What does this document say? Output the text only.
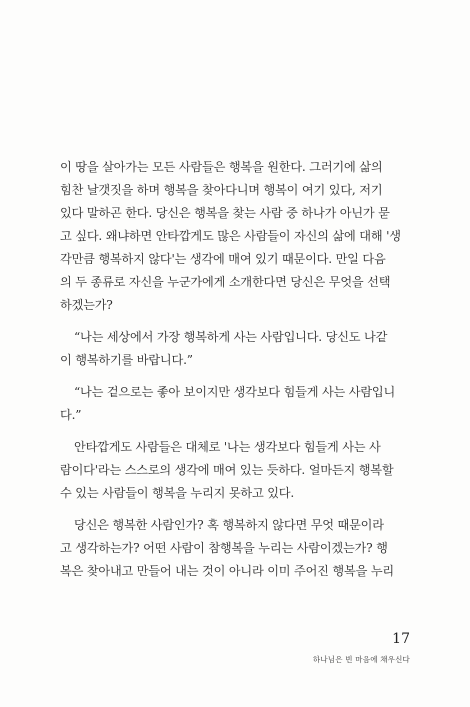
이 땅을 살아가는 모든 사람들은 행복을 원한다. 그러기에 삶의
힘찬 날갯짓을 하며 행복을 찾아다니며 행복이 여기 있다, 저기
있다 말하곤 한다. 당신은 행복을 찾는 사람 중 하나가 아닌가 묻
고 싶다. 왜냐하면 안타깝게도 많은 사람들이 자신의 삶에 대해 '생
각만큼 행복하지 않다'는 생각에 매여 있기 때문이다. 만일 다음
의 두 종류로 자신을 누군가에게 소개한다면 당신은 무엇을 선택
하겠는가?
“나는 세상에서 가장 행복하게 사는 사람입니다. 당신도 나같
이 행복하기를 바랍니다.”
“나는 겉으로는 좋아 보이지만 생각보다 힘들게 사는 사람입니
다.”
안타깝게도 사람들은 대체로 '나는 생각보다 힘들게 사는 사
람이다'라는 스스로의 생각에 매여 있는 듯하다. 얼마든지 행복할
수 있는 사람들이 행복을 누리지 못하고 있다.
당신은 행복한 사람인가? 혹 행복하지 않다면 무엇 때문이라
고 생각하는가? 어떤 사람이 참행복을 누리는 사람이겠는가? 행
복은 찾아내고 만들어 내는 것이 아니라 이미 주어진 행복을 누리
17
하나님은 빈 마음에 채우신다
